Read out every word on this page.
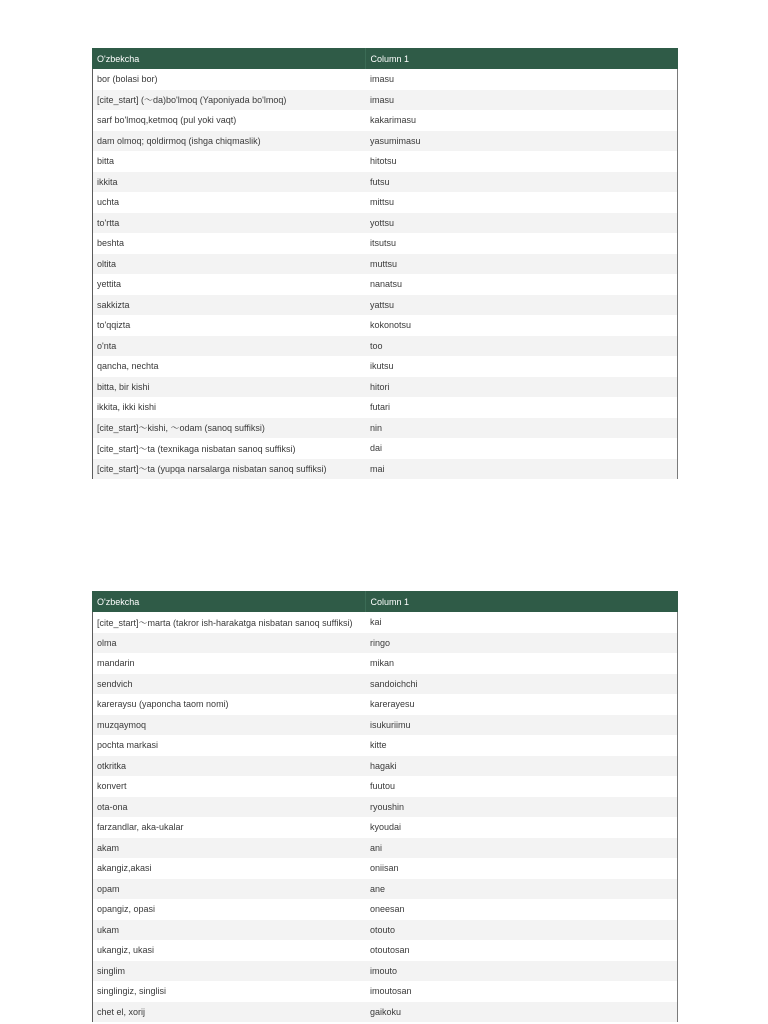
O'zbekcha	Column 1
bor (bolasi bor)	imasu
[cite_start] (〜da)bo'lmoq (Yaponiyada bo'lmoq)	imasu
sarf bo'lmoq,ketmoq (pul yoki vaqt)	kakarimasu
dam olmoq; qoldirmoq (ishga chiqmaslik)	yasumimasu
bitta	hitotsu
ikkita	futsu
uchta	mittsu
to'rtta	yottsu
beshta	itsutsu
oltita	muttsu
yettita	nanatsu
sakkizta	yattsu
to'qqizta	kokonotsu
o'nta	too
qancha, nechta	ikutsu
bitta, bir kishi	hitori
ikkita, ikki kishi	futari
[cite_start]〜kishi, 〜odam (sanoq suffiksi)	nin
[cite_start]〜ta (texnikaga nisbatan sanoq suffiksi)	dai
[cite_start]〜ta (yupqa narsalarga nisbatan sanoq suffiksi)	mai
O'zbekcha	Column 1
[cite_start]〜marta (takror ish-harakatga nisbatan sanoq suffiksi)	kai
olma	ringo
mandarin	mikan
sendvich	sandoichchi
kareraysu (yaponcha taom nomi)	karerayesu
muzqaymoq	isukuriimu
pochta markasi	kitte
otkritka	hagaki
konvert	fuutou
ota-ona	ryoushin
farzandlar, aka-ukalar	kyoudai
akam	ani
akangiz,akasi	oniisan
opam	ane
opangiz, opasi	oneesan
ukam	otouto
ukangiz, ukasi	otoutosan
singlim	imouto
singlingiz, singlisi	imoutosan
chet el, xorij	gaikoku
